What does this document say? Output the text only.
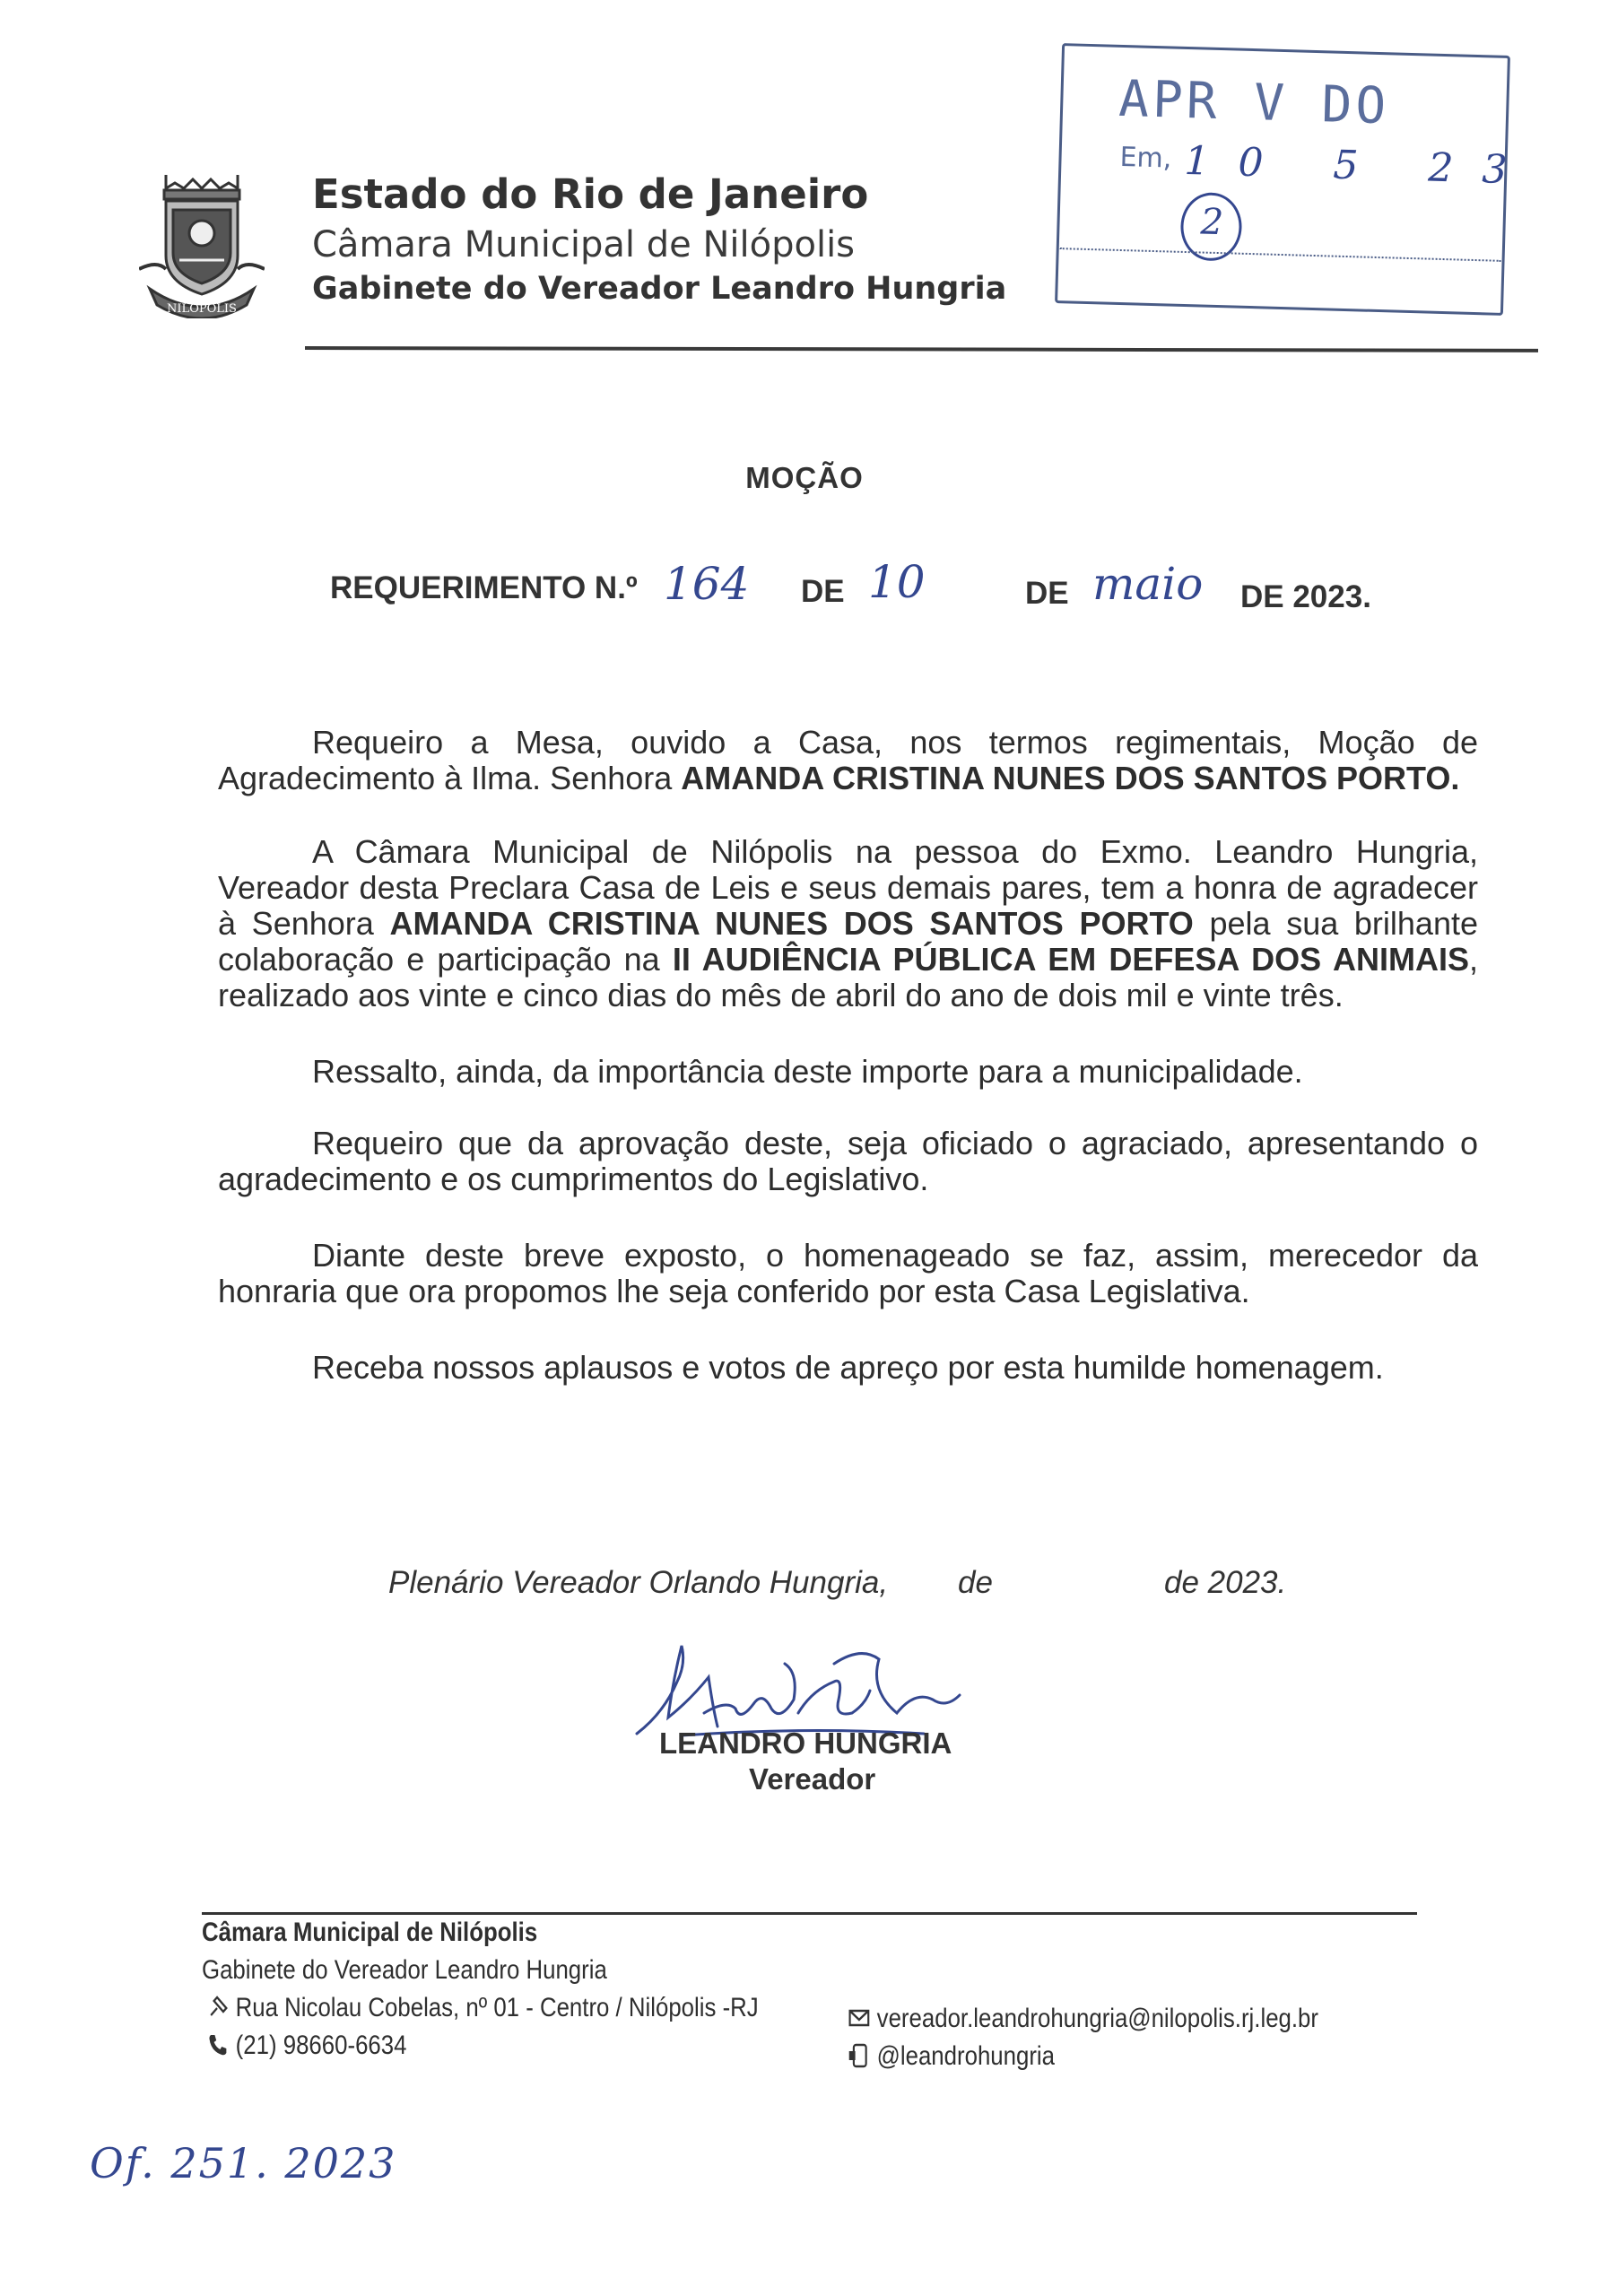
NILÓPOLIS
Estado do Rio de Janeiro
Câmara Municipal de Nilópolis
Gabinete do Vereador Leandro Hungria
APR V DO
Em, 10 5 23
2
MOÇÃO
REQUERIMENTO N.º 164 DE 10	DE maio DE 2023.

Requeiro a Mesa, ouvido a Casa, nos termos regimentais, Moção de Agradecimento à Ilma. Senhora AMANDA CRISTINA NUNES DOS SANTOS PORTO.

A Câmara Municipal de Nilópolis na pessoa do Exmo. Leandro Hungria, Vereador desta Preclara Casa de Leis e seus demais pares, tem a honra de agradecer à Senhora AMANDA CRISTINA NUNES DOS SANTOS PORTO pela sua brilhante colaboração e participação na II AUDIÊNCIA PÚBLICA EM DEFESA DOS ANIMAIS, realizado aos vinte e cinco dias do mês de abril do ano de dois mil e vinte três.

Ressalto, ainda, da importância deste importe para a municipalidade.

Requeiro que da aprovação deste, seja oficiado o agraciado, apresentando o agradecimento e os cumprimentos do Legislativo.

Diante deste breve exposto, o homenageado se faz, assim, merecedor da honraria que ora propomos lhe seja conferido por esta Casa Legislativa.

Receba nossos aplausos e votos de apreço por esta humilde homenagem.

Plenário Vereador Orlando Hungria, de	de 2023.
LEANDRO HUNGRIA
Vereador
Câmara Municipal de Nilópolis
Gabinete do Vereador Leandro Hungria
Rua Nicolau Cobelas, nº 01 - Centro / Nilópolis -RJ
(21) 98660-6634
vereador.leandrohungria@nilopolis.rj.leg.br
@leandrohungria
Of. 251. 2023
